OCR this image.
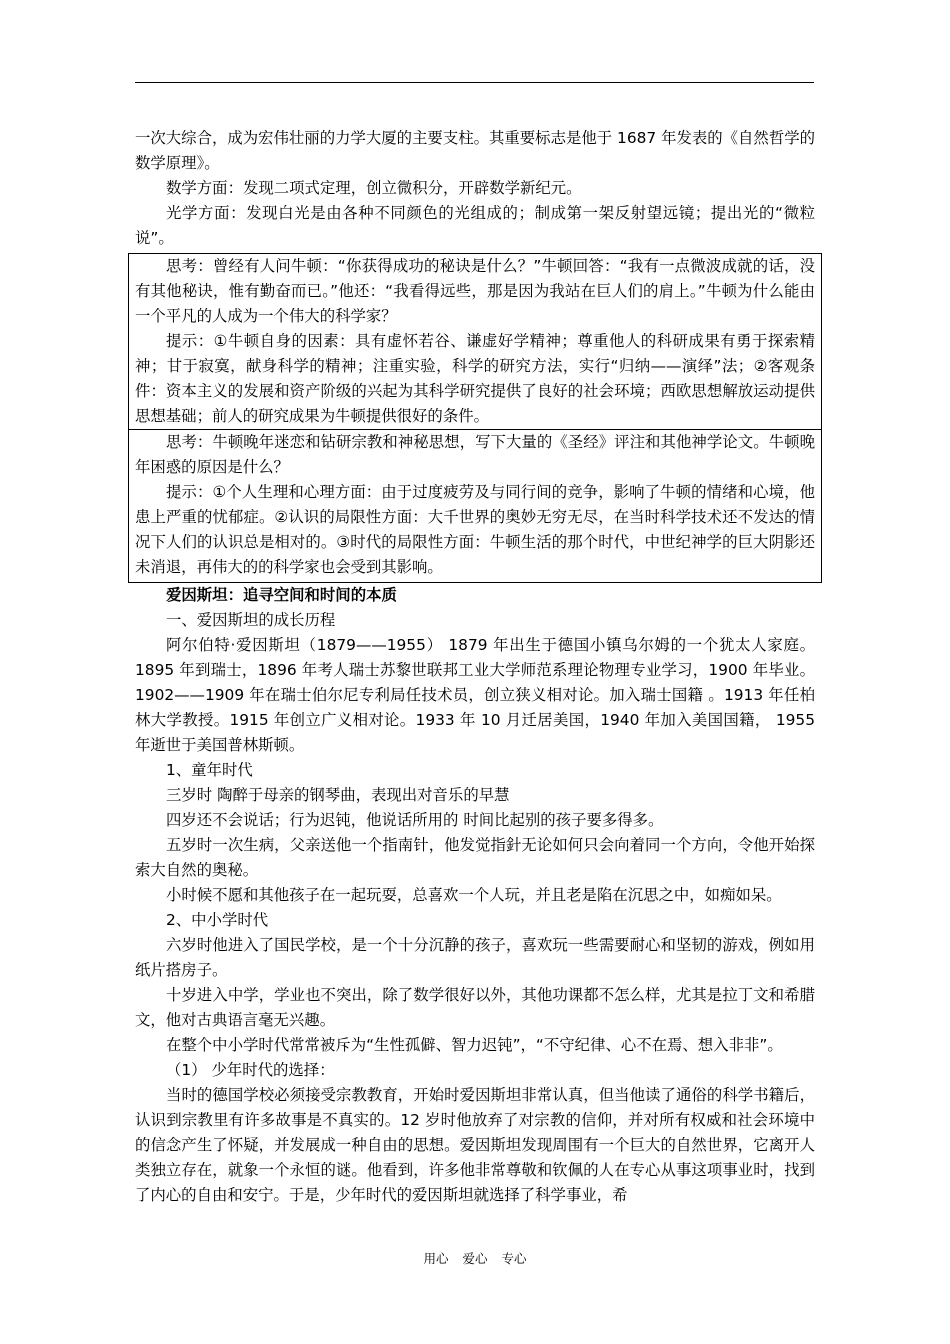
一次大综合，成为宏伟壮丽的力学大厦的主要支柱。其重要标志是他于 1687 年发表的《自然哲学的数学原理》。

数学方面：发现二项式定理，创立微积分，开辟数学新纪元。

光学方面：发现白光是由各种不同颜色的光组成的；制成第一架反射望远镜；提出光的“微粒说”。

思考：曾经有人问牛顿：“你获得成功的秘诀是什么？”牛顿回答：“我有一点微波成就的话，没有其他秘诀，惟有勤奋而已。”他还：“我看得远些，那是因为我站在巨人们的肩上。”牛顿为什么能由一个平凡的人成为一个伟大的科学家？

提示：①牛顿自身的因素：具有虚怀若谷、谦虚好学精神；尊重他人的科研成果有勇于探索精神；甘于寂寞，献身科学的精神；注重实验，科学的研究方法，实行“归纳——演绎”法；②客观条件：资本主义的发展和资产阶级的兴起为其科学研究提供了良好的社会环境；西欧思想解放运动提供思想基础；前人的研究成果为牛顿提供很好的条件。

思考：牛顿晚年迷恋和钻研宗教和神秘思想，写下大量的《圣经》评注和其他神学论文。牛顿晚年困惑的原因是什么？

提示：①个人生理和心理方面：由于过度疲劳及与同行间的竞争，影响了牛顿的情绪和心境，他患上严重的忧郁症。②认识的局限性方面：大千世界的奥妙无穷无尽，在当时科学技术还不发达的情况下人们的认识总是相对的。③时代的局限性方面：牛顿生活的那个时代，中世纪神学的巨大阴影还未消退，再伟大的的科学家也会受到其影响。

爱因斯坦：追寻空间和时间的本质

一、爱因斯坦的成长历程

阿尔伯特·爱因斯坦（1879——1955） 1879 年出生于德国小镇乌尔姆的一个犹太人家庭。1895 年到瑞士，1896 年考人瑞士苏黎世联邦工业大学师范系理论物理专业学习，1900 年毕业。1902——1909 年在瑞士伯尔尼专利局任技术员，创立狭义相对论。加入瑞士国籍 。1913 年任柏林大学教授。1915 年创立广义相对论。1933 年 10 月迁居美国，1940 年加入美国国籍， 1955 年逝世于美国普林斯顿。

1、童年时代

三岁时 陶醉于母亲的钢琴曲，表现出对音乐的早慧

四岁还不会说话；行为迟钝，他说话所用的 时间比起别的孩子要多得多。

五岁时一次生病，父亲送他一个指南针，他发觉指針无论如何只会向着同一个方向，令他开始探索大自然的奥秘。

小时候不愿和其他孩子在一起玩耍，总喜欢一个人玩，并且老是陷在沉思之中，如痴如呆。

2、中小学时代

六岁时他进入了国民学校，是一个十分沉静的孩子，喜欢玩一些需要耐心和坚韧的游戏，例如用纸片搭房子。

十岁进入中学，学业也不突出，除了数学很好以外，其他功课都不怎么样，尤其是拉丁文和希腊文，他对古典语言毫无兴趣。

在整个中小学时代常常被斥为“生性孤僻、智力迟钝”，“不守纪律、心不在焉、想入非非”。

（1） 少年时代的选择：

当时的德国学校必须接受宗教教育，开始时爱因斯坦非常认真，但当他读了通俗的科学书籍后，认识到宗教里有许多故事是不真实的。12 岁时他放弃了对宗教的信仰，并对所有权威和社会环境中的信念产生了怀疑，并发展成一种自由的思想。爱因斯坦发现周围有一个巨大的自然世界，它离开人类独立存在，就象一个永恒的谜。他看到，许多他非常尊敬和钦佩的人在专心从事这项事业时，找到了内心的自由和安宁。于是，少年时代的爱因斯坦就选择了科学事业，希

用心 爱心 专心
